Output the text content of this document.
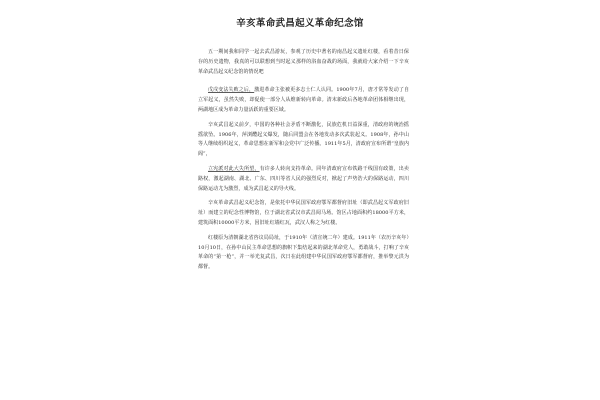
辛亥革命武昌起义革命纪念馆

五一期间我和同学一起去武昌游玩，参观了历史中著名的南昌起义遗址红楼，看着昔日保存的历史遗物，我真的可以联想到当时起义那样的浴血奋战的场面，我就给大家介绍一下辛亥革命武昌起义纪念馆的情况吧

戊戌变法失败之后，激进革命主张被更多志士仁人认同。1900年7月，唐才常等发动了自立军起义，虽然失败，却促使一部分人从维新转向革命。清末新政后各地革命团体相继出现，两湖地区成为革命力量活跃的重要区域。

辛亥武昌起义前夕，中国的各种社会矛盾不断激化，民族危机日益深重，清政府的统治摇摇欲坠。1906年，萍浏醴起义爆发，随后同盟会在各地发动多次武装起义。1908年，孙中山等人继续组织起义，革命思想在新军和会党中广泛传播。1911年5月，清政府宣布所谓“皇族内阁”，

立宪派对此大失所望，有许多人转向支持革命。同年清政府宣布铁路干线国有政策，出卖路权，激起湖南、湖北、广东、四川等省人民的强烈反对，掀起了声势浩大的保路运动，四川保路运动尤为激烈，成为武昌起义的导火线。

辛亥革命武昌起义纪念馆，是依托中华民国军政府鄂军都督府旧址（即武昌起义军政府旧址）而建立的纪念性博物馆，位于湖北省武汉市武昌阅马场。馆区占地面积约18000平方米，建筑面积10000平方米，因旧址红墙红瓦，武汉人称之为红楼。

红楼原为清朝湖北省咨议局局址，于1910年（清宣统二年）建成。1911年（农历辛亥年）10月10日，在孙中山民主革命思想的旗帜下集结起来的湖北革命党人，勇敢战斗，打响了辛亥革命的“第一枪”，并一举光复武昌，次日在此组建中华民国军政府鄂军都督府，推举黎元洪为都督。
